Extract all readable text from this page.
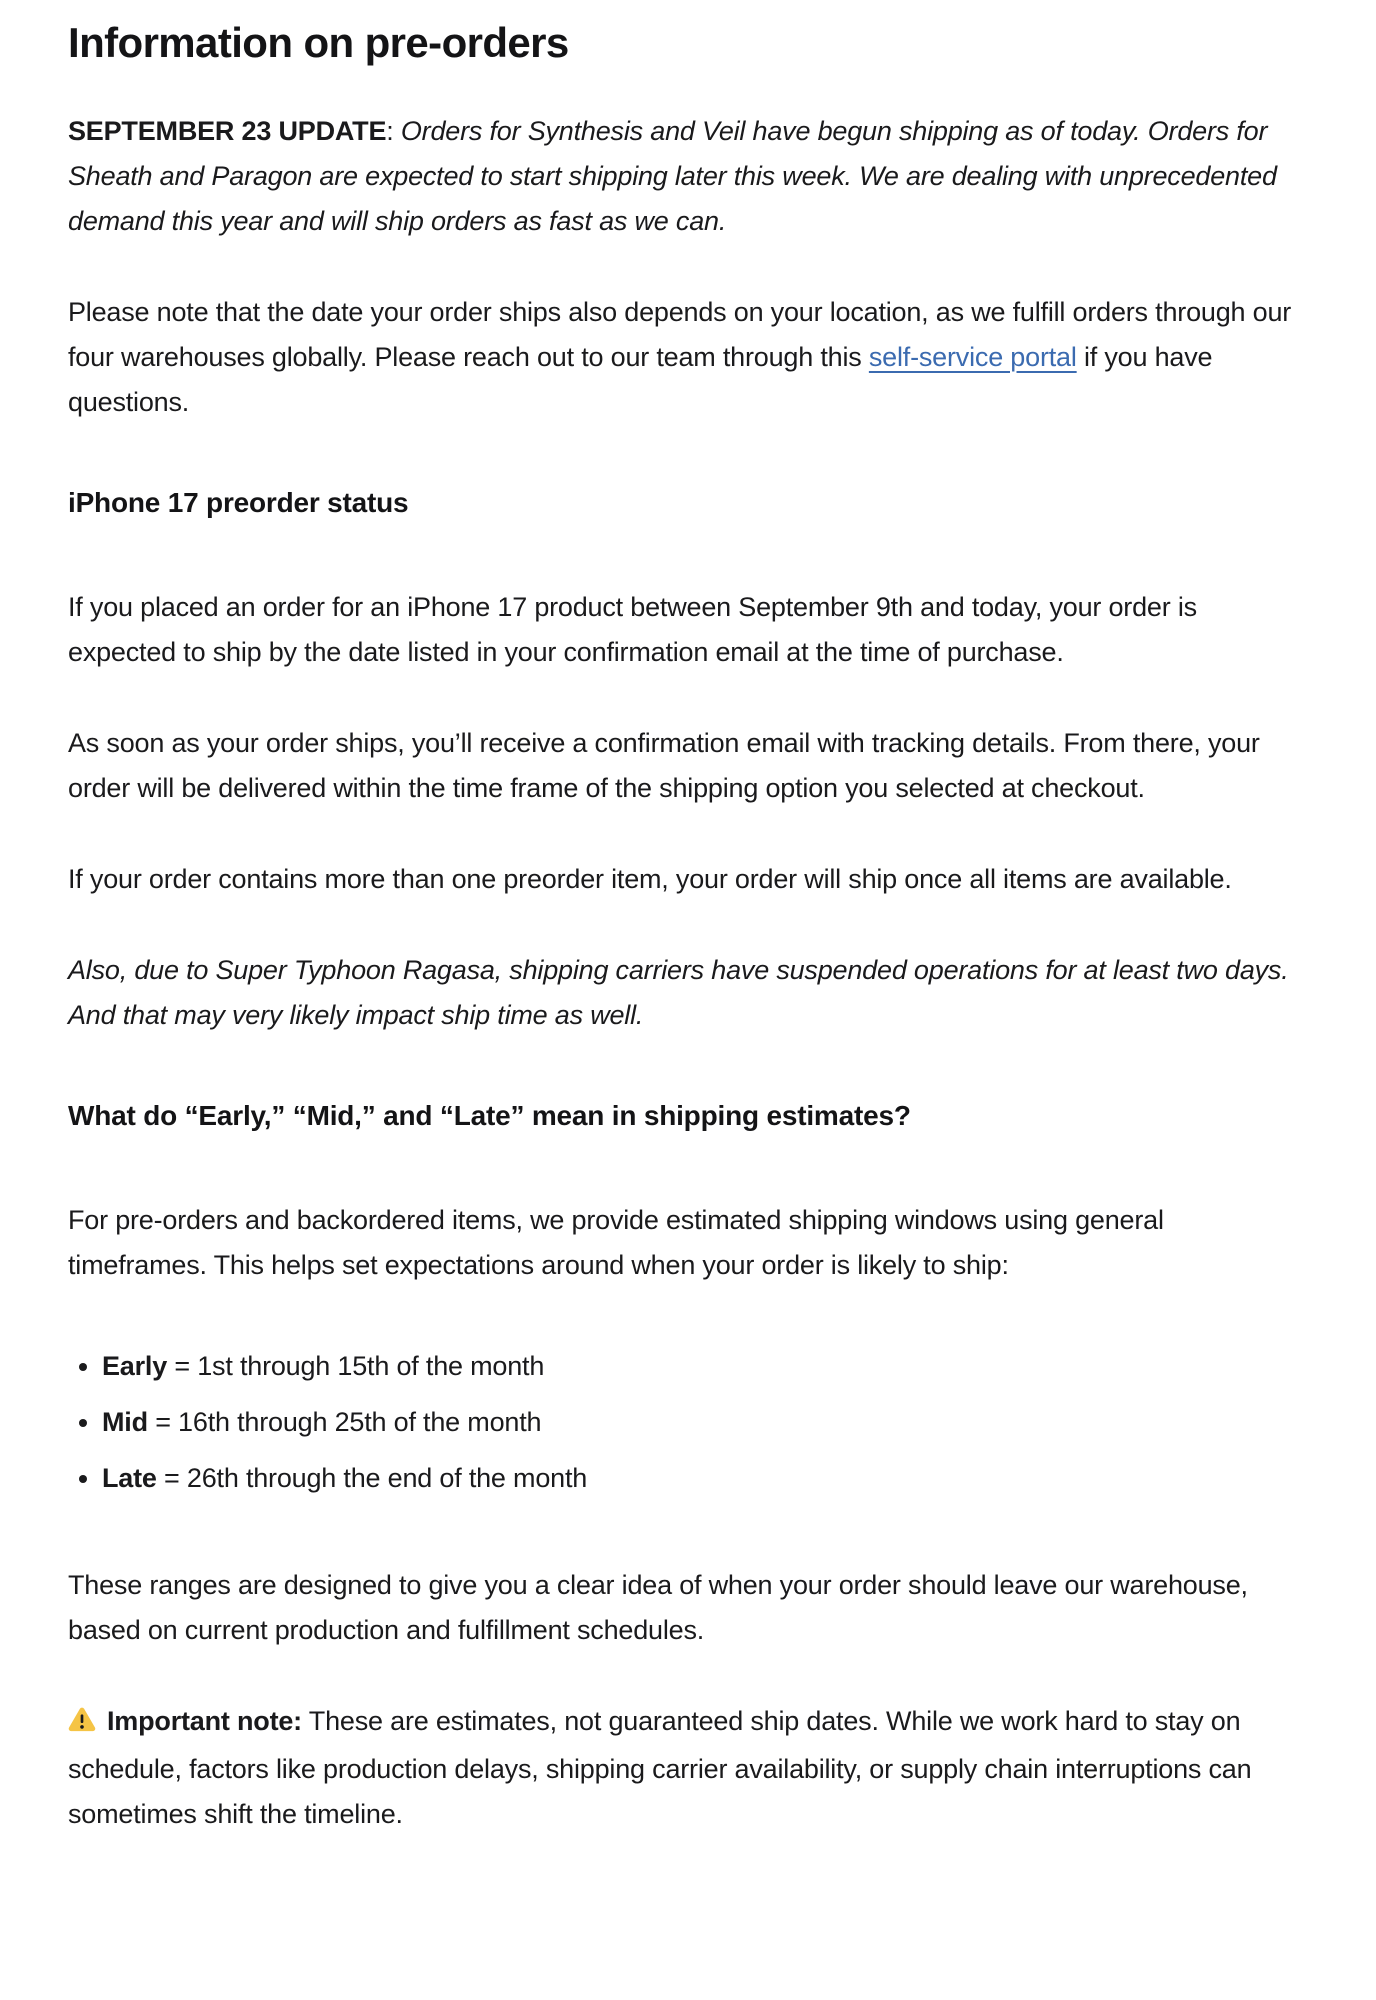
Information on pre-orders

SEPTEMBER 23 UPDATE: Orders for Synthesis and Veil have begun shipping as of today. Orders for Sheath and Paragon are expected to start shipping later this week. We are dealing with unprecedented demand this year and will ship orders as fast as we can.

Please note that the date your order ships also depends on your location, as we fulfill orders through our four warehouses globally. Please reach out to our team through this self-service portal if you have questions.

iPhone 17 preorder status

If you placed an order for an iPhone 17 product between September 9th and today, your order is expected to ship by the date listed in your confirmation email at the time of purchase.

As soon as your order ships, you’ll receive a confirmation email with tracking details. From there, your order will be delivered within the time frame of the shipping option you selected at checkout.

If your order contains more than one preorder item, your order will ship once all items are available.

Also, due to Super Typhoon Ragasa, shipping carriers have suspended operations for at least two days. And that may very likely impact ship time as well.

What do “Early,” “Mid,” and “Late” mean in shipping estimates?

For pre-orders and backordered items, we provide estimated shipping windows using general timeframes. This helps set expectations around when your order is likely to ship:

• Early = 1st through 15th of the month
• Mid = 16th through 25th of the month
• Late = 26th through the end of the month

These ranges are designed to give you a clear idea of when your order should leave our warehouse, based on current production and fulfillment schedules.

Important note: These are estimates, not guaranteed ship dates. While we work hard to stay on schedule, factors like production delays, shipping carrier availability, or supply chain interruptions can sometimes shift the timeline.
